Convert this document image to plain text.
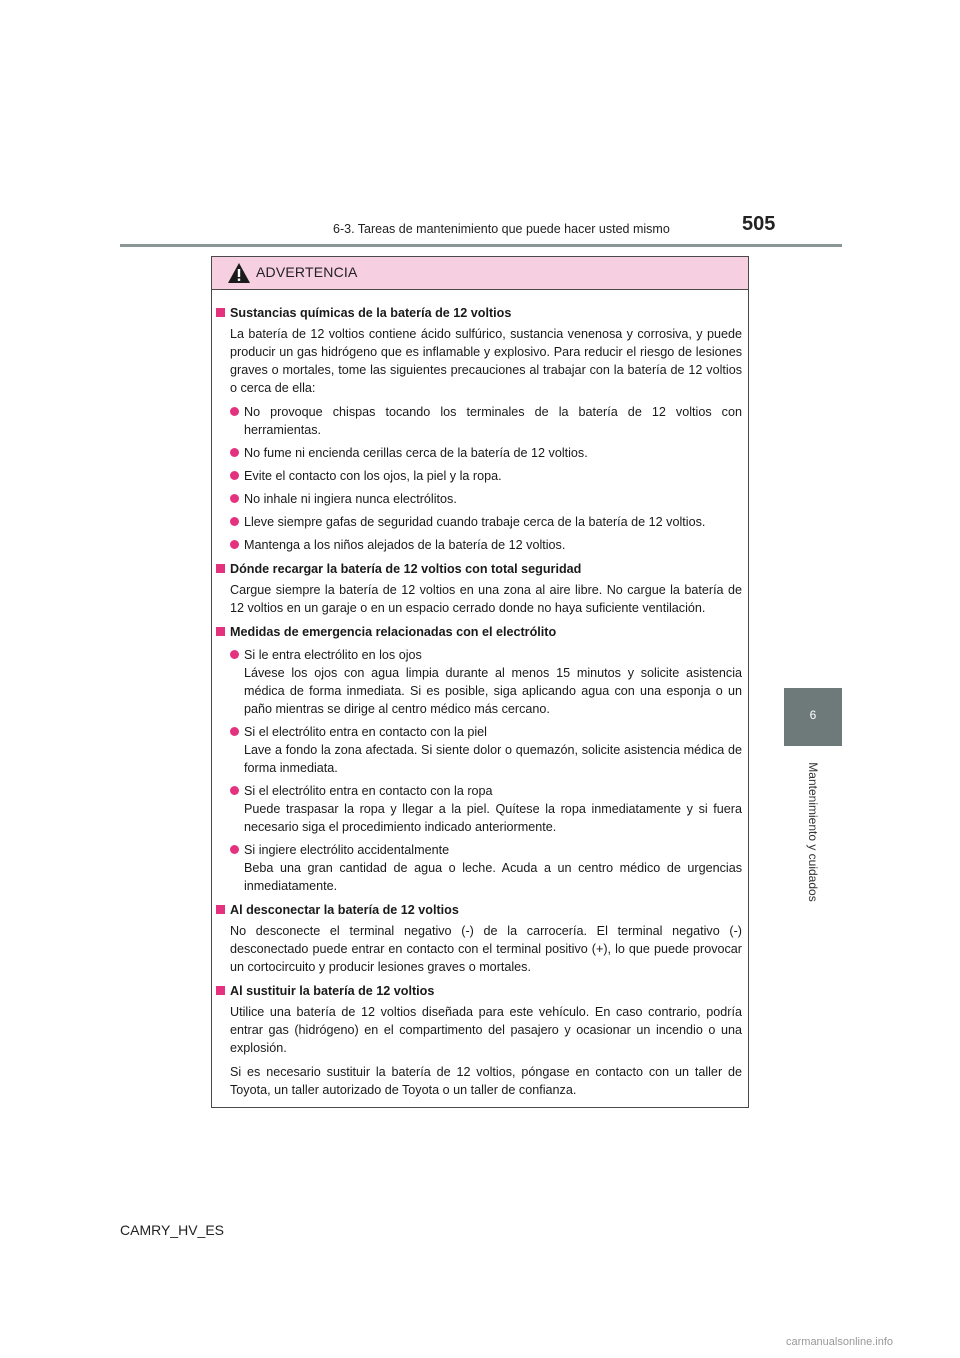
6-3. Tareas de mantenimiento que puede hacer usted mismo	505
6
Mantenimiento y cuidados
ADVERTENCIA
Sustancias químicas de la batería de 12 voltios
La batería de 12 voltios contiene ácido sulfúrico, sustancia venenosa y corrosiva, y puede producir un gas hidrógeno que es inflamable y explosivo. Para reducir el riesgo de lesiones graves o mortales, tome las siguientes precauciones al trabajar con la batería de 12 voltios o cerca de ella:
No provoque chispas tocando los terminales de la batería de 12 voltios con herramientas.
No fume ni encienda cerillas cerca de la batería de 12 voltios.
Evite el contacto con los ojos, la piel y la ropa.
No inhale ni ingiera nunca electrólitos.
Lleve siempre gafas de seguridad cuando trabaje cerca de la batería de 12 voltios.
Mantenga a los niños alejados de la batería de 12 voltios.
Dónde recargar la batería de 12 voltios con total seguridad
Cargue siempre la batería de 12 voltios en una zona al aire libre. No cargue la batería de 12 voltios en un garaje o en un espacio cerrado donde no haya suficiente ventilación.
Medidas de emergencia relacionadas con el electrólito
Si le entra electrólito en los ojos
Lávese los ojos con agua limpia durante al menos 15 minutos y solicite asistencia médica de forma inmediata. Si es posible, siga aplicando agua con una esponja o un paño mientras se dirige al centro médico más cercano.
Si el electrólito entra en contacto con la piel
Lave a fondo la zona afectada. Si siente dolor o quemazón, solicite asistencia médica de forma inmediata.
Si el electrólito entra en contacto con la ropa
Puede traspasar la ropa y llegar a la piel. Quítese la ropa inmediatamente y si fuera necesario siga el procedimiento indicado anteriormente.
Si ingiere electrólito accidentalmente
Beba una gran cantidad de agua o leche. Acuda a un centro médico de urgencias inmediatamente.
Al desconectar la batería de 12 voltios
No desconecte el terminal negativo (-) de la carrocería. El terminal negativo (-) desconectado puede entrar en contacto con el terminal positivo (+), lo que puede provocar un cortocircuito y producir lesiones graves o mortales.
Al sustituir la batería de 12 voltios
Utilice una batería de 12 voltios diseñada para este vehículo. En caso contrario, podría entrar gas (hidrógeno) en el compartimento del pasajero y ocasionar un incendio o una explosión.
Si es necesario sustituir la batería de 12 voltios, póngase en contacto con un taller de Toyota, un taller autorizado de Toyota o un taller de confianza.
CAMRY_HV_ES
carmanualsonline.info
